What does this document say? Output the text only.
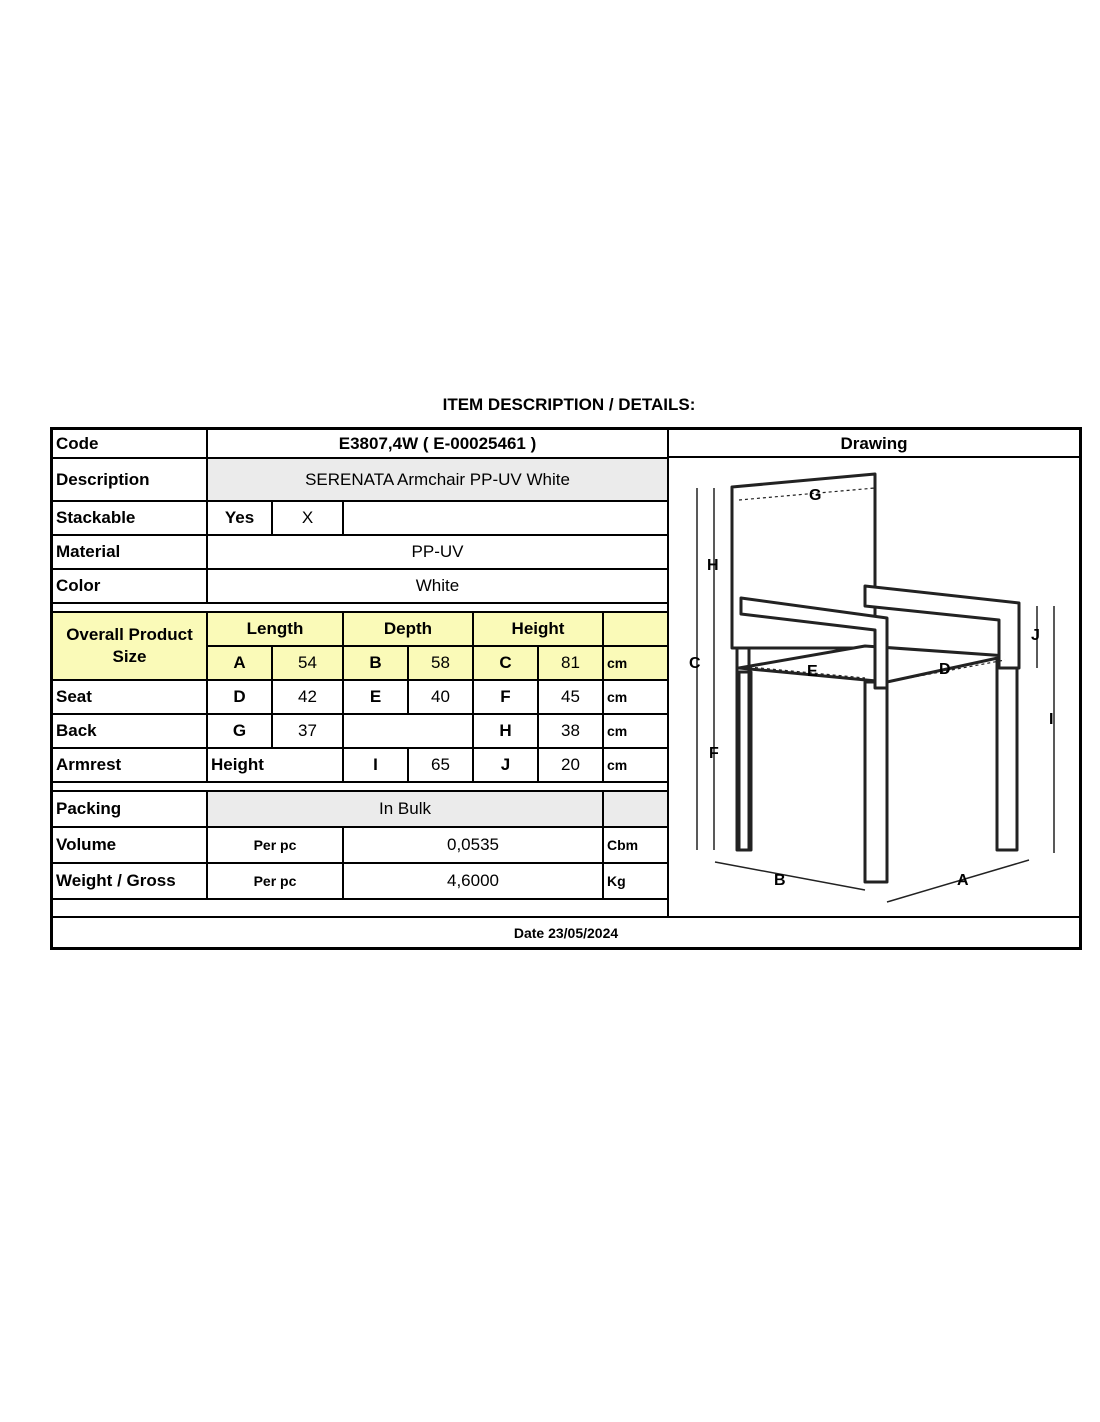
ITEM DESCRIPTION / DETAILS:
Code	E3807,4W ( E-00025461 )						
Description	SERENATA Armchair PP-UV White						
Stackable	Yes	X					
Material	PP-UV						
Color	White						

Overall Product Size	Length		Depth		Height		
	A	54	B	58	C	81	cm
Seat	D	42	E	40	F	45	cm
Back	G	37			H	38	cm
Armrest	Height		I	65	J	20	cm

Packing	In Bulk						
Volume	Per pc		0,0535				Cbm
Weight / Gross	Per pc		4,6000				Kg
Drawing
G
H
C	E	D
F
J
I
B	A
Date 23/05/2024
